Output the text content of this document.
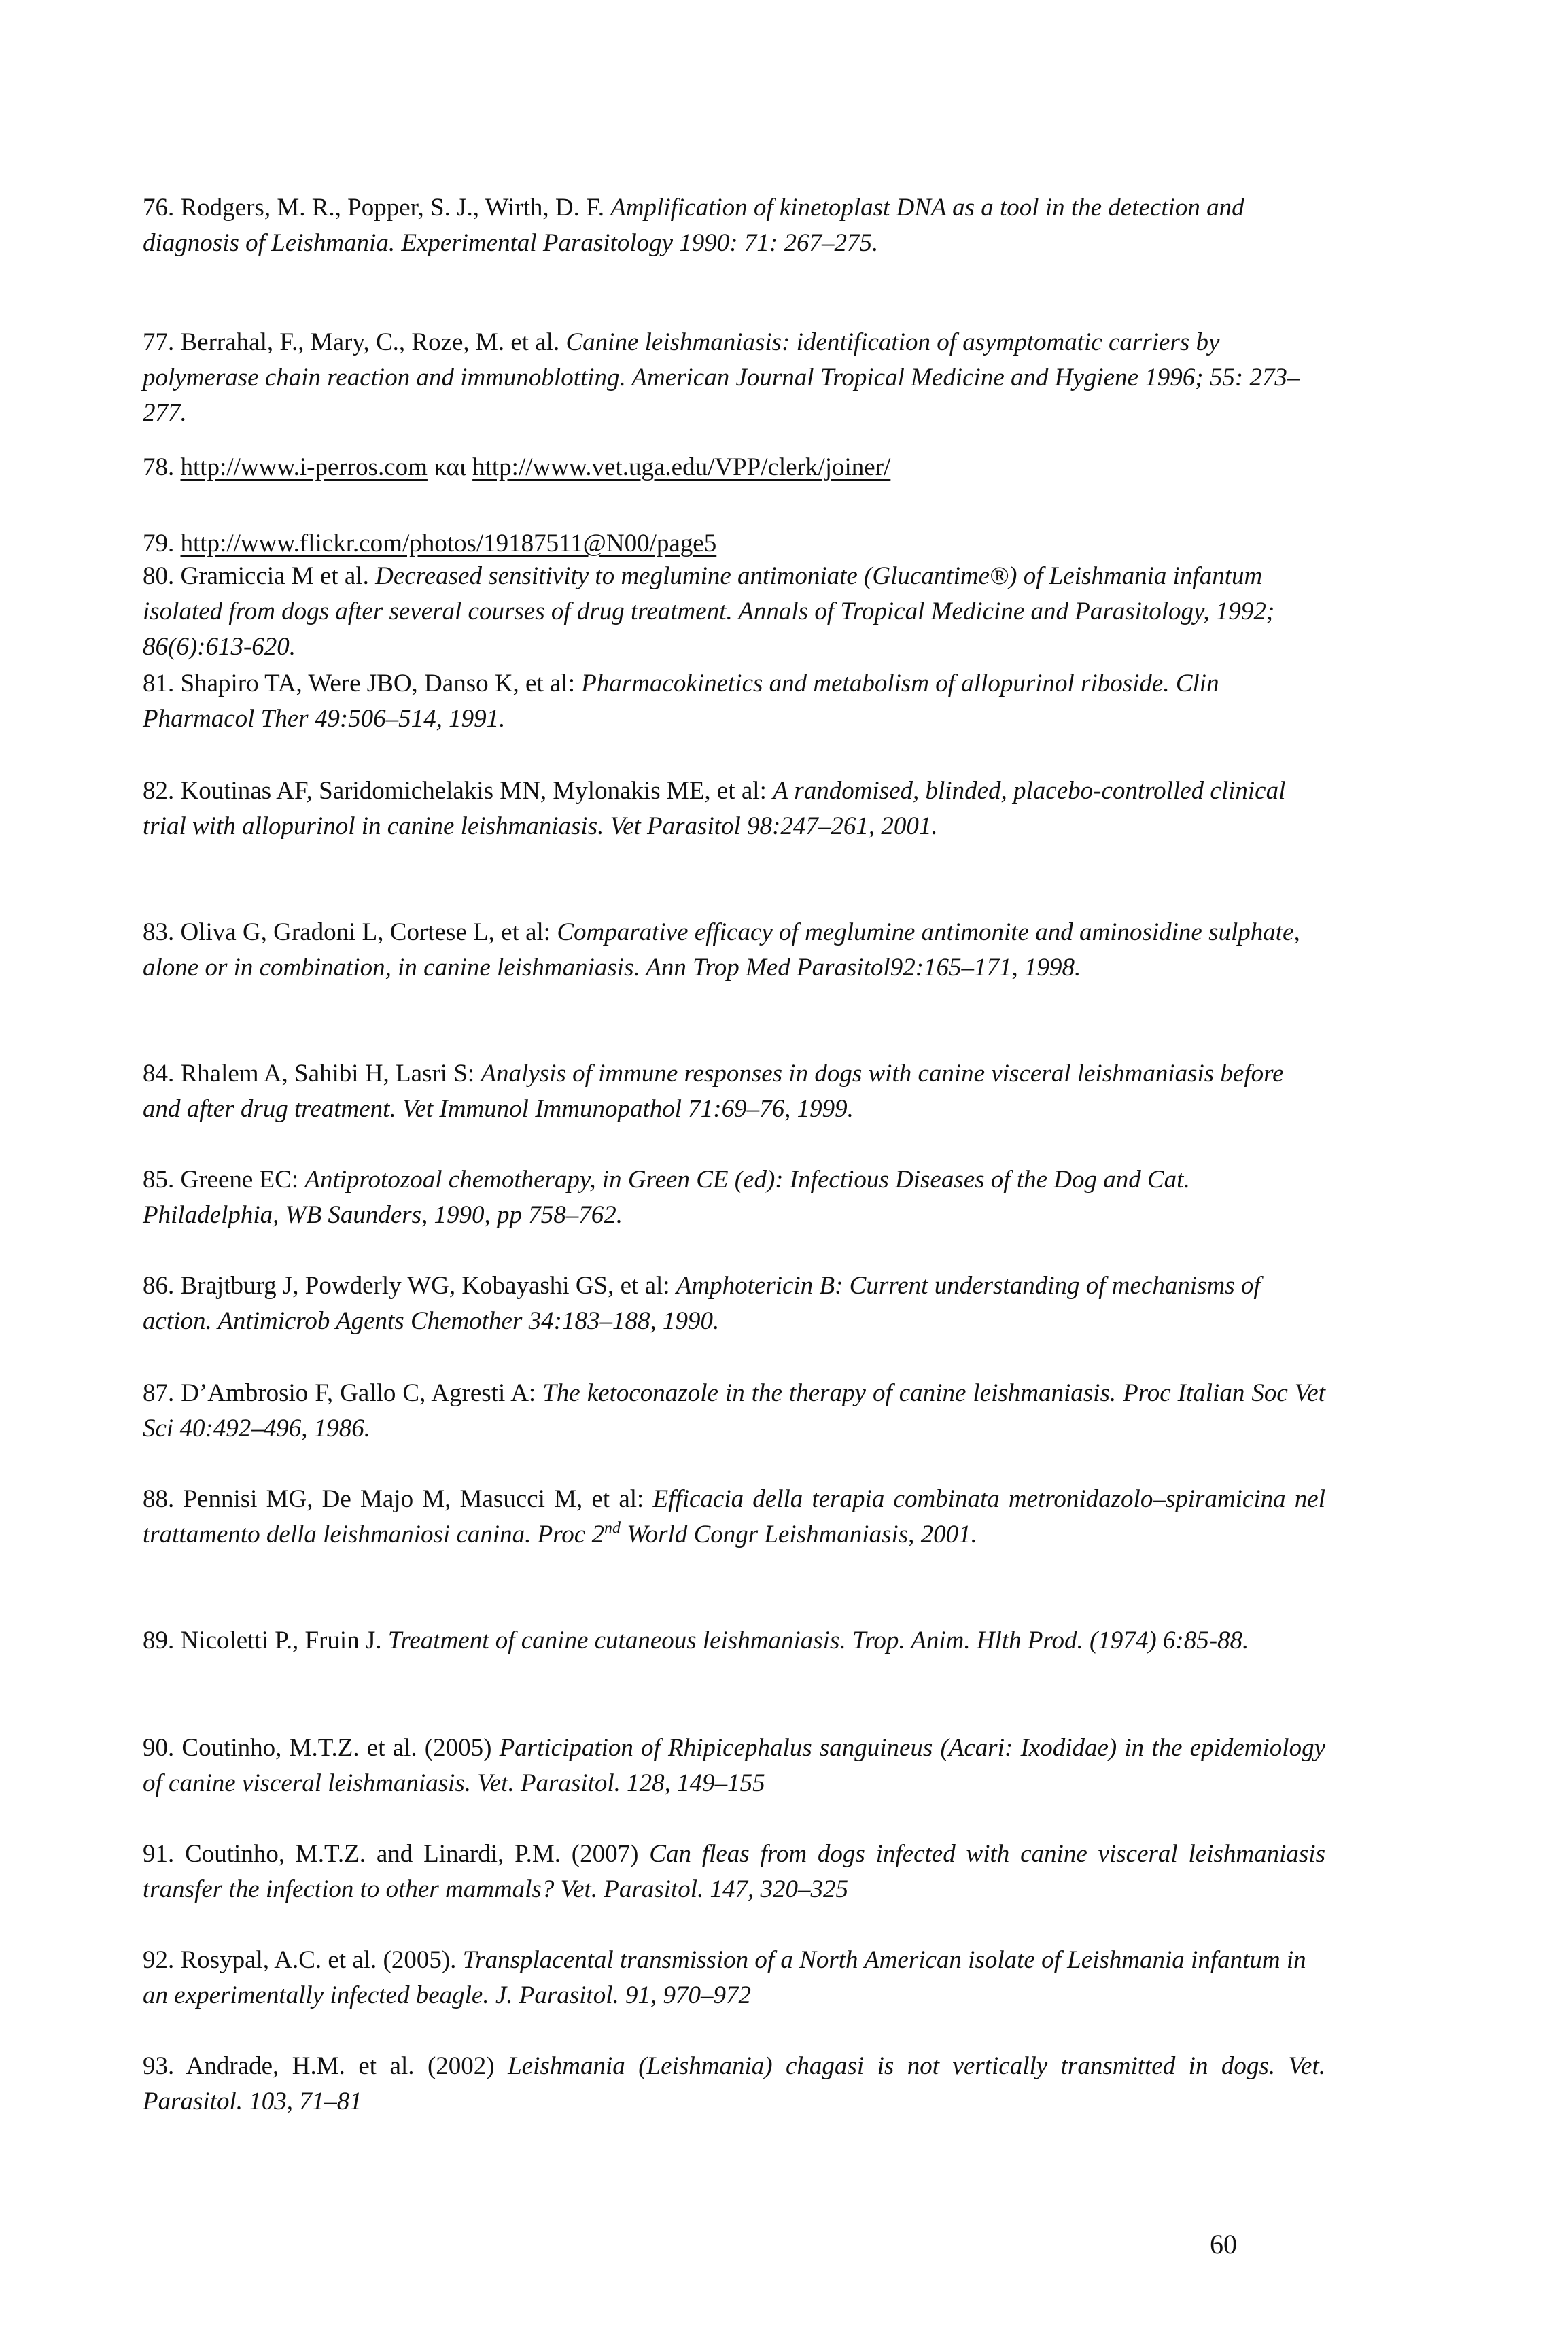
76. Rodgers, M. R., Popper, S. J., Wirth, D. F. Amplification of kinetoplast DNA as a tool in the detection and diagnosis of Leishmania. Experimental Parasitology 1990: 71: 267–275.
77. Berrahal, F., Mary, C., Roze, M. et al. Canine leishmaniasis: identification of asymptomatic carriers by polymerase chain reaction and immunoblotting. American Journal Tropical Medicine and Hygiene 1996; 55: 273–277.
78. http://www.i-perros.com και http://www.vet.uga.edu/VPP/clerk/joiner/
79. http://www.flickr.com/photos/19187511@N00/page5
80. Gramiccia M et al. Decreased sensitivity to meglumine antimoniate (Glucantime®) of Leishmania infantum isolated from dogs after several courses of drug treatment. Annals of Tropical Medicine and Parasitology, 1992; 86(6):613-620.
81. Shapiro TA, Were JBO, Danso K, et al: Pharmacokinetics and metabolism of allopurinol riboside. Clin Pharmacol Ther 49:506–514, 1991.
82. Koutinas AF, Saridomichelakis MN, Mylonakis ME, et al: A randomised, blinded, placebo-controlled clinical trial with allopurinol in canine leishmaniasis. Vet Parasitol 98:247–261, 2001.
83. Oliva G, Gradoni L, Cortese L, et al: Comparative efficacy of meglumine antimonite and aminosidine sulphate, alone or in combination, in canine leishmaniasis. Ann Trop Med Parasitol92:165–171, 1998.
84. Rhalem A, Sahibi H, Lasri S: Analysis of immune responses in dogs with canine visceral leishmaniasis before and after drug treatment. Vet Immunol Immunopathol 71:69–76, 1999.
85. Greene EC: Antiprotozoal chemotherapy, in Green CE (ed): Infectious Diseases of the Dog and Cat. Philadelphia, WB Saunders, 1990, pp 758–762.
86. Brajtburg J, Powderly WG, Kobayashi GS, et al: Amphotericin B: Current understanding of mechanisms of action. Antimicrob Agents Chemother 34:183–188, 1990.
87. D’Ambrosio F, Gallo C, Agresti A: The ketoconazole in the therapy of canine leishmaniasis. Proc Italian Soc Vet Sci 40:492–496, 1986.
88. Pennisi MG, De Majo M, Masucci M, et al: Efficacia della terapia combinata metronidazolo–spiramicina nel trattamento della leishmaniosi canina. Proc 2nd World Congr Leishmaniasis, 2001.
89. Nicoletti P., Fruin J. Treatment of canine cutaneous leishmaniasis. Trop. Anim. Hlth Prod. (1974) 6:85-88.
90. Coutinho, M.T.Z. et al. (2005) Participation of Rhipicephalus sanguineus (Acari: Ixodidae) in the epidemiology of canine visceral leishmaniasis. Vet. Parasitol. 128, 149–155
91. Coutinho, M.T.Z. and Linardi, P.M. (2007) Can fleas from dogs infected with canine visceral leishmaniasis transfer the infection to other mammals? Vet. Parasitol. 147, 320–325
92. Rosypal, A.C. et al. (2005). Transplacental transmission of a North American isolate of Leishmania infantum in an experimentally infected beagle. J. Parasitol. 91, 970–972
93. Andrade, H.M. et al. (2002) Leishmania (Leishmania) chagasi is not vertically transmitted in dogs. Vet. Parasitol. 103, 71–81
60
